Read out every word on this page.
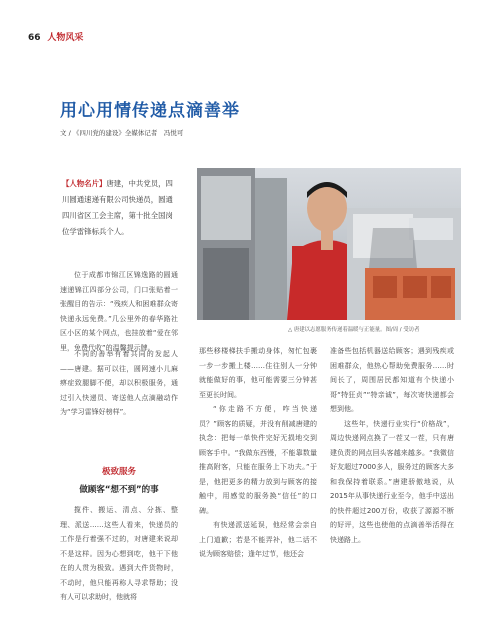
66 人物风采
用心用情传递点滴善举
文 / 《四川党的建设》全媒体记者　冯悦可
【人物名片】唐建，中共党员，四川圆通速递有限公司快递员，圆通四川省区工会主席，第十批全国岗位学雷锋标兵个人。
△ 唐建以志愿服务传递着温暖与正能量。图/周 / 受访者

位于成都市锦江区锦逸路的圆通速递锦江四部分公司，门口张贴着一张醒目的告示：“残疾人和困难群众寄快递永远免费。”几公里外的春华路社区小区的某个网点，也挂放着“爱在邻里，免费代收”的温馨提示牌。

不同的善举有着共同的发起人——唐建。据可以往，圆网速小儿麻痹症致腿脚不便，却以积极服务，通过引入快递员、寄送他人点滴融动作为“学习雷锋好榜样”。

极致服务
做顾客“想不到”的事

揽件、搬运、清点、分拣、整理、派送……这些人看来，快递员的工作是行着强不过的，对唐建来说却不是这样。因为心想到吃，他干下他在的人贯为极致。遇到大件货物时，不动时，他只能再称人寻求帮助；没有人可以求助时，他就将

那些移楼梯扶手搬动身体，匆忙包裹一步一步搬上楼……住往别人一分钟就能做好的事，他可能需要三分钟甚至更长时间。

“你走路不方便，咋当快递员？”顾客的质疑，并没有削减唐建的执念：把每一单快件完好无损地交到顾客手中。“我做东西慢，不能靠数量推高附客，只能在服务上下功夫。”于是，他把更多的精力放到与顾客的接触中，用感觉的服务换“信任”的口碑。

有快递派送延误，他经常会亲自上门道歉；若是不能弄补，他二话不说为顾客赔偿；逢年过节，他还会

准备些包括机器送给顾客；遇到残疾或困难群众，他热心帮助免费服务……时间长了，周围居民都知道有个快递小哥“特狂贞”“特亲诚”，每次寄快递都会想到他。

这些年，快递行业实行“价格战”，周边快递网点换了一茬又一茬，只有唐建负责的网点回头客越来越多。“我微信好友超过7000多人，服务过的顾客大多和我保持着联系。”唐建骄傲地说，从2015年从事快递行业至今，他手中送出的快件超过200万份，收获了源源不断的好评，这些也使他的点滴善举活得在快递路上。
